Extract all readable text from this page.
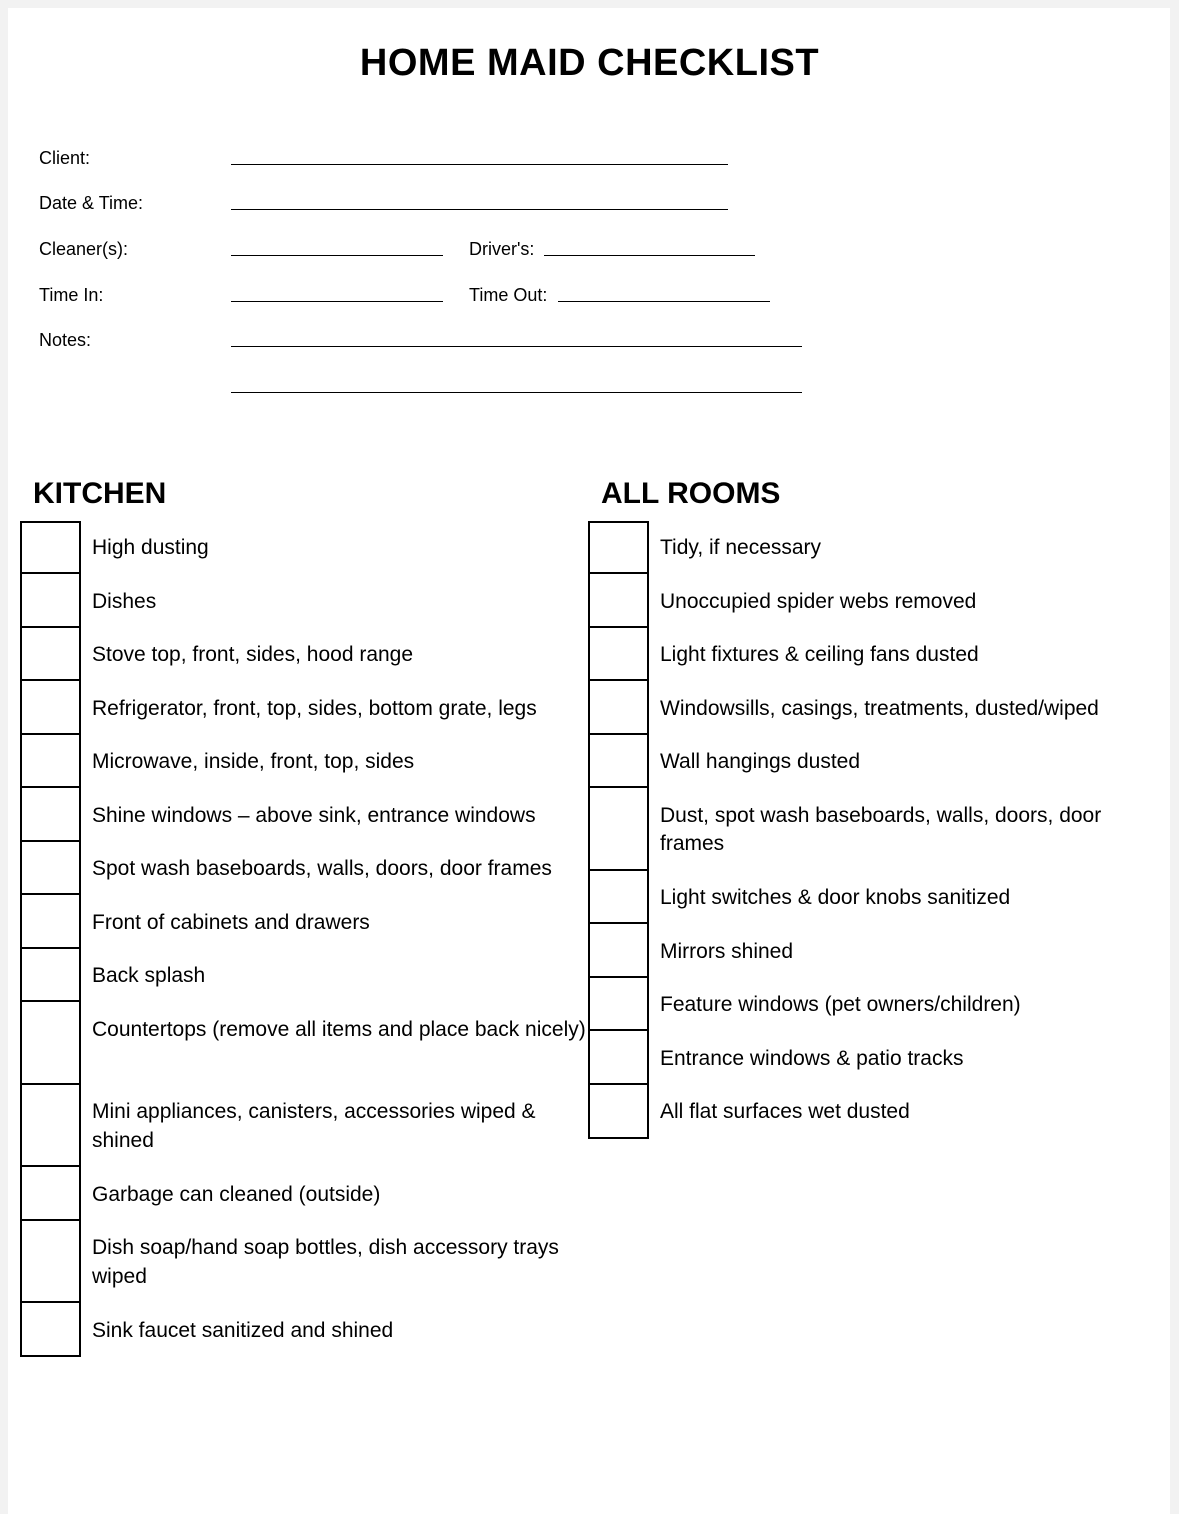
HOME MAID CHECKLIST
Client:
Date & Time:
Cleaner(s):	Driver's:
Time In:	Time Out:
Notes:
KITCHEN	ALL ROOMS
High dusting
Dishes
Stove top, front, sides, hood range
Refrigerator, front, top, sides, bottom grate, legs
Microwave, inside, front, top, sides
Shine windows – above sink, entrance windows
Spot wash baseboards, walls, doors, door frames
Front of cabinets and drawers
Back splash
Countertops (remove all items and place back nicely)
Mini appliances, canisters, accessories wiped & shined
Garbage can cleaned (outside)
Dish soap/hand soap bottles, dish accessory trays wiped
Sink faucet sanitized and shined
Tidy, if necessary
Unoccupied spider webs removed
Light fixtures & ceiling fans dusted
Windowsills, casings, treatments, dusted/wiped
Wall hangings dusted
Dust, spot wash baseboards, walls, doors, door frames
Light switches & door knobs sanitized
Mirrors shined
Feature windows (pet owners/children)
Entrance windows & patio tracks
All flat surfaces wet dusted
